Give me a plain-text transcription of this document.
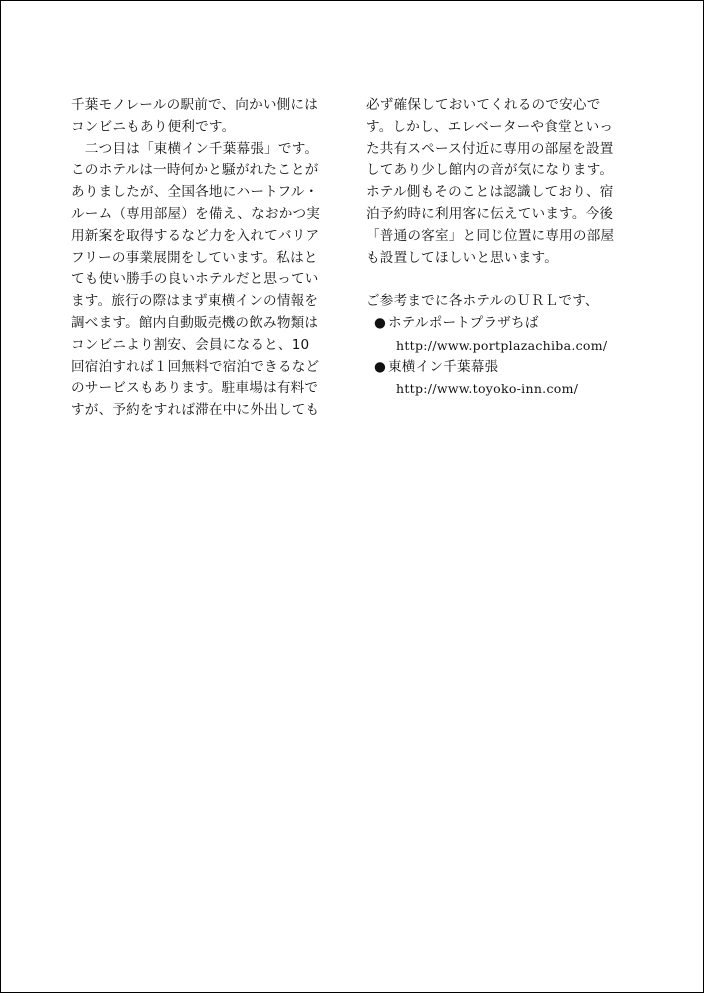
千葉モノレールの駅前で、向かい側には
コンビニもあり便利です。
　二つ目は「東横イン千葉幕張」です。
このホテルは一時何かと騒がれたことが
ありましたが、全国各地にハートフル・
ルーム（専用部屋）を備え、なおかつ実
用新案を取得するなど力を入れてバリア
フリーの事業展開をしています。私はと
ても使い勝手の良いホテルだと思ってい
ます。旅行の際はまず東横インの情報を
調べます。館内自動販売機の飲み物類は
コンビニより割安、会員になると、10
回宿泊すれば１回無料で宿泊できるなど
のサービスもあります。駐車場は有料で
すが、予約をすれば滞在中に外出しても
必ず確保しておいてくれるので安心で
す。しかし、エレベーターや食堂といっ
た共有スペース付近に専用の部屋を設置
してあり少し館内の音が気になります。
ホテル側もそのことは認識しており、宿
泊予約時に利用客に伝えています。今後
「普通の客室」と同じ位置に専用の部屋
も設置してほしいと思います。
ご参考までに各ホテルのＵＲＬです、
● ホテルポートプラザちば
http://www.portplazachiba.com/
● 東横イン千葉幕張
http://www.toyoko-inn.com/
